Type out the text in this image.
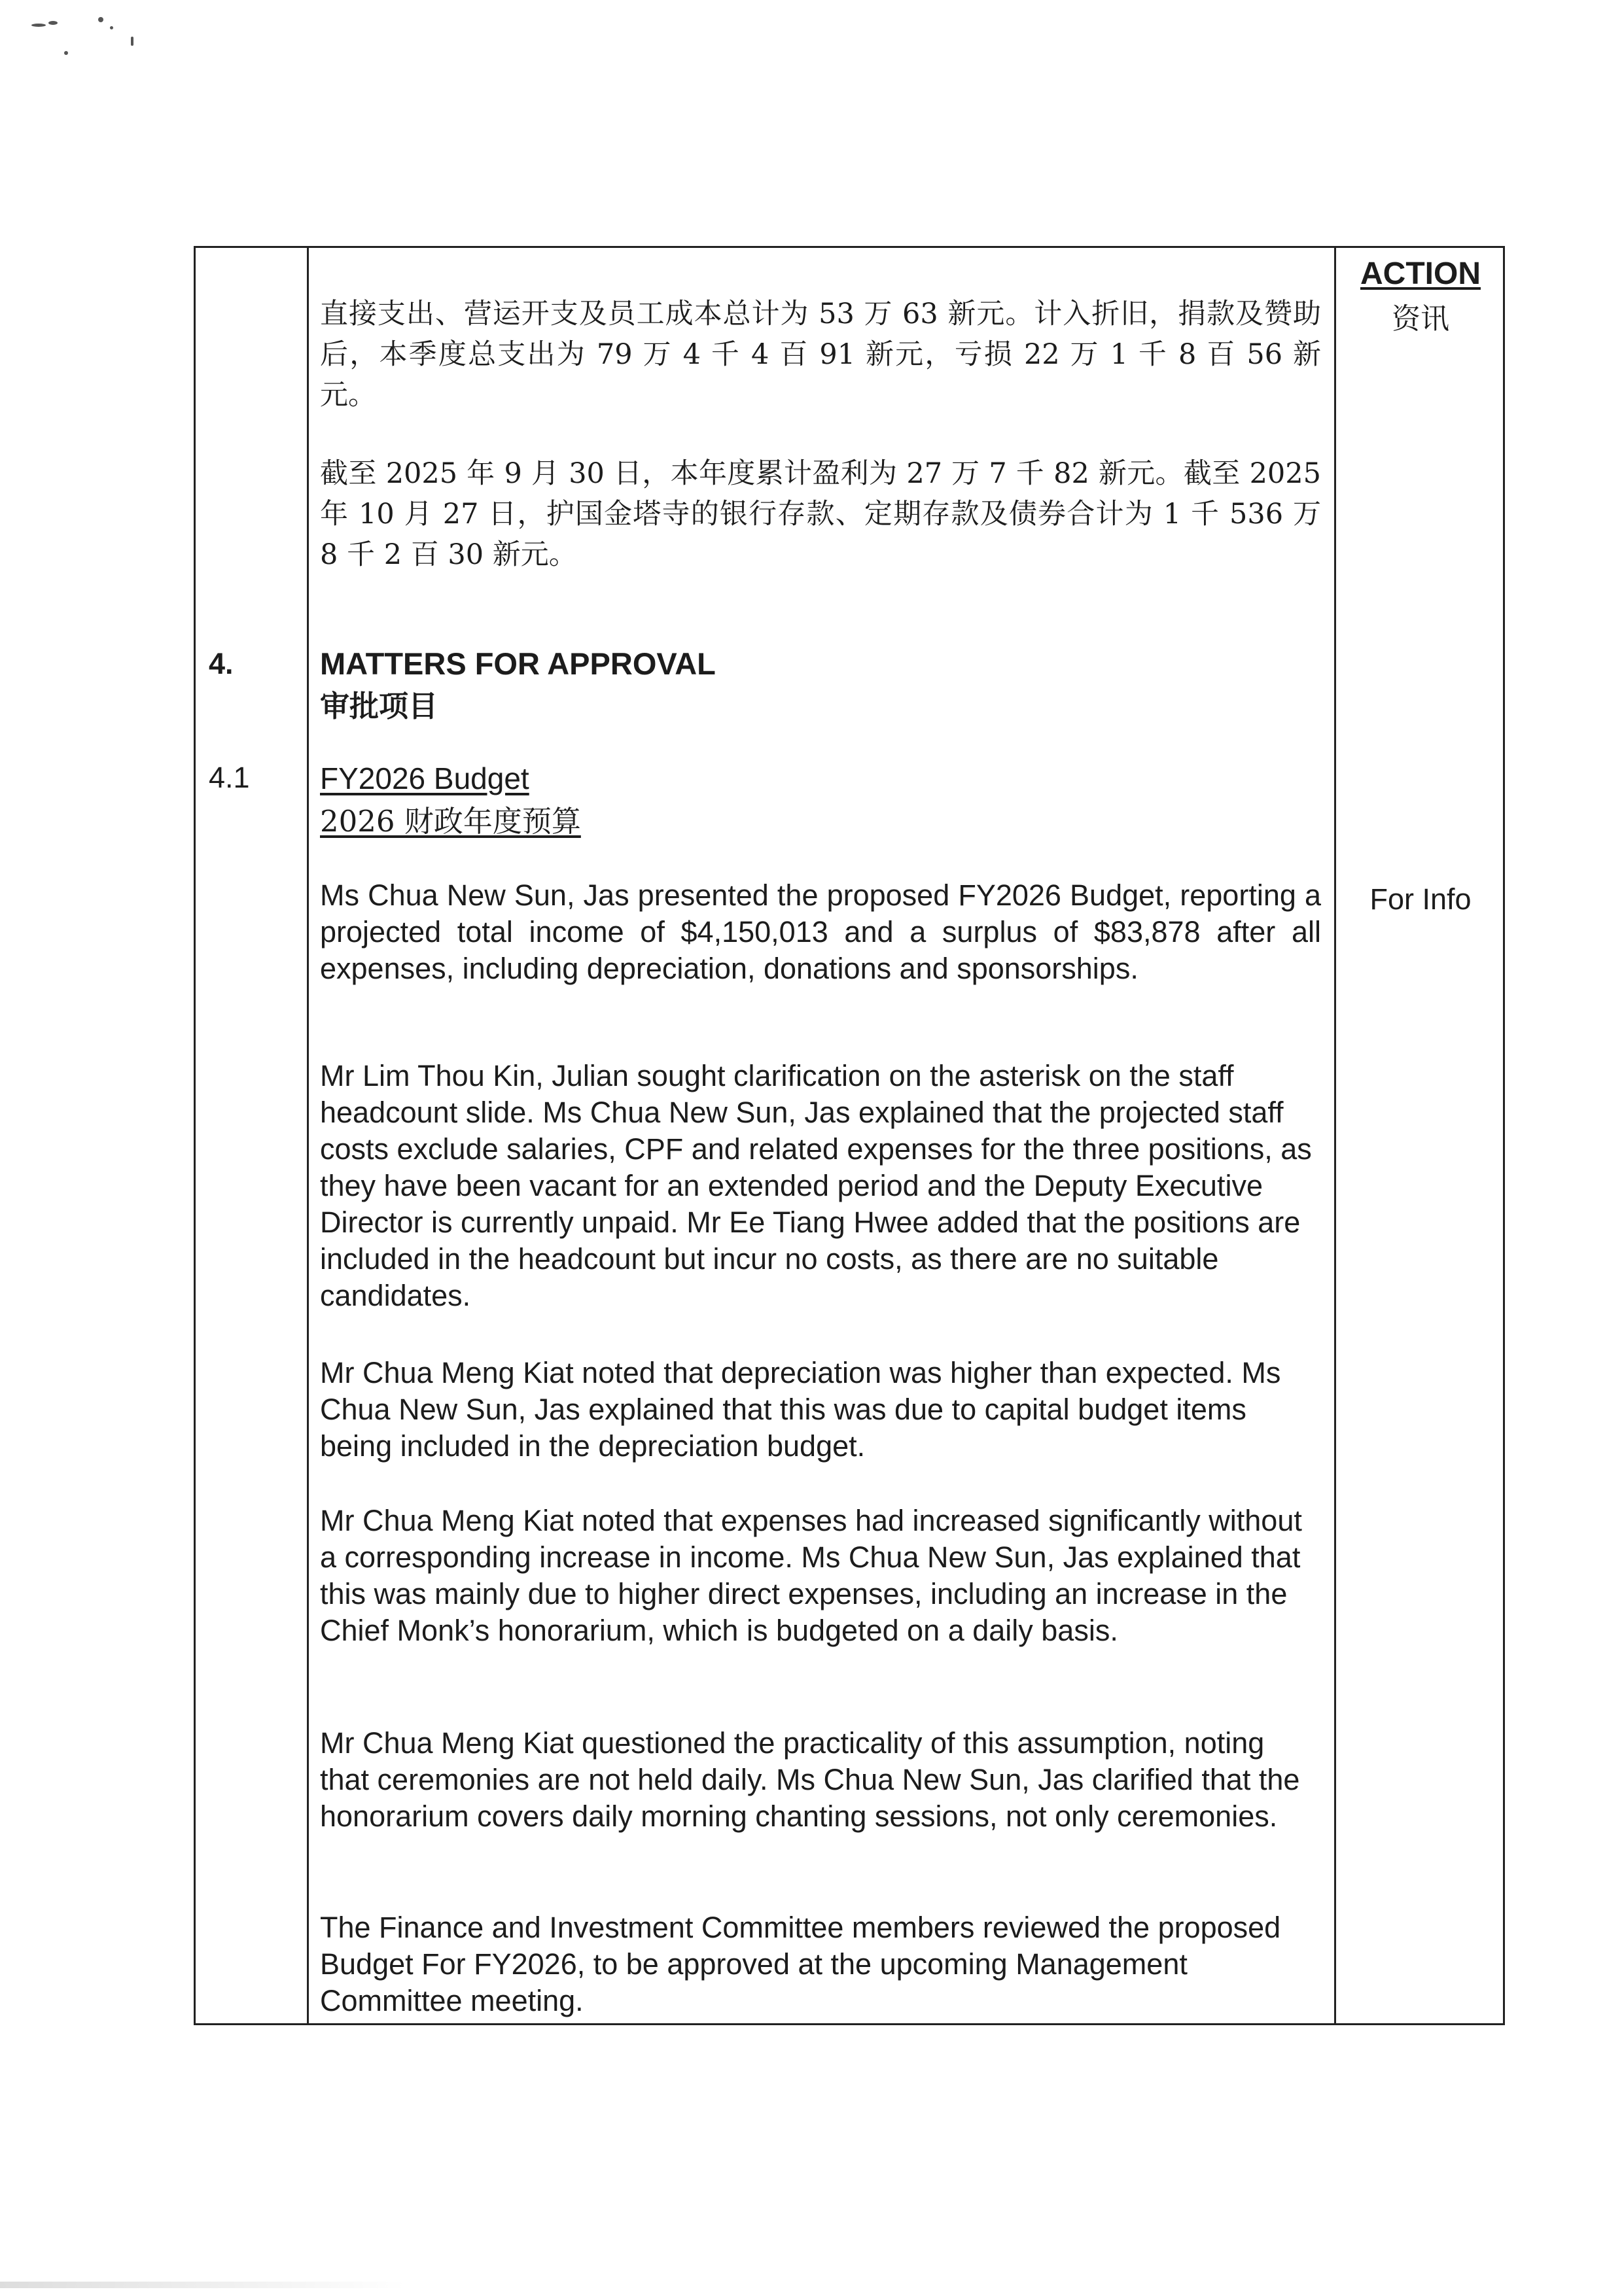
ACTION
资讯
直接支出、营运开支及员工成本总计为 53 万 63 新元。计入折旧，捐款及赞助后，本季度总支出为 79 万 4 千 4 百 91 新元，亏损 22 万 1 千 8 百 56 新元。
截至 2025 年 9 月 30 日，本年度累计盈利为 27 万 7 千 82 新元。截至 2025 年 10 月 27 日，护国金塔寺的银行存款、定期存款及债券合计为 1 千 536 万 8 千 2 百 30 新元。
4.	MATTERS FOR APPROVAL
审批项目
4.1 FY2026 Budget
2026 财政年度预算
For Info
Ms Chua New Sun, Jas presented the proposed FY2026 Budget, reporting a projected total income of $4,150,013 and a surplus of $83,878 after all expenses, including depreciation, donations and sponsorships.
Mr Lim Thou Kin, Julian sought clarification on the asterisk on the staff headcount slide. Ms Chua New Sun, Jas explained that the projected staff costs exclude salaries, CPF and related expenses for the three positions, as they have been vacant for an extended period and the Deputy Executive Director is currently unpaid. Mr Ee Tiang Hwee added that the positions are included in the headcount but incur no costs, as there are no suitable candidates.
Mr Chua Meng Kiat noted that depreciation was higher than expected. Ms Chua New Sun, Jas explained that this was due to capital budget items being included in the depreciation budget.
Mr Chua Meng Kiat noted that expenses had increased significantly without a corresponding increase in income. Ms Chua New Sun, Jas explained that this was mainly due to higher direct expenses, including an increase in the Chief Monk’s honorarium, which is budgeted on a daily basis.
Mr Chua Meng Kiat questioned the practicality of this assumption, noting that ceremonies are not held daily. Ms Chua New Sun, Jas clarified that the honorarium covers daily morning chanting sessions, not only ceremonies.
The Finance and Investment Committee members reviewed the proposed Budget For FY2026, to be approved at the upcoming Management Committee meeting.
